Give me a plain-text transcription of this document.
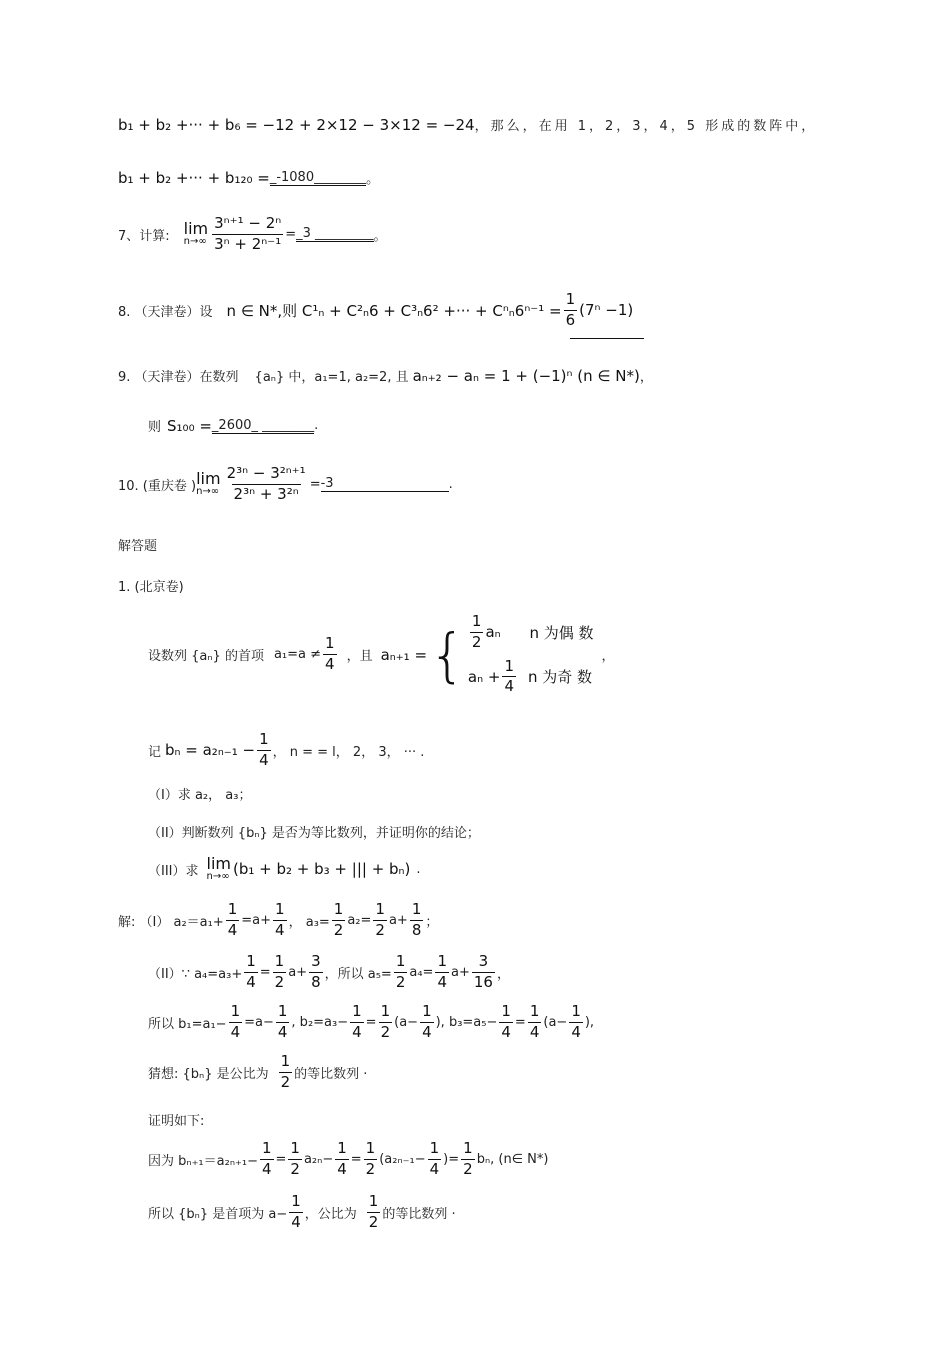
b₁ + b₂ +··· + b₆ = −12 + 2×12 − 3×12 = −24 ，那么，在用 1，2，3，4，5 形成的数阵中，
b₁ + b₂ +··· + b₁₂₀ = _-1080________ 。
7、计算: lim
$n\to\infty \frac{\text{3ⁿ⁺¹ − 2ⁿ}}{\text{3ⁿ + 2ⁿ⁻¹}}$ = _3 _________ 。
8. （天津卷）设 n ∈ N*,则 C¹ₙ + C²ₙ6 + C³ₙ6² +··· + $C^n_n6^{n-1} = \frac{1}{6} (7^n -1)$
9. （天津卷）在数列 {aₙ} 中，a₁=1, a₂=2, 且 aₙ₊₂ − aₙ = 1 + (−1)ⁿ (n ∈ N*) ，
则 S₁₀₀ = _2600_ ________ .
10. (重庆卷 ) lim
$n\to\infty \frac{\text{2³ⁿ − 3²ⁿ⁺¹}}{\text{2³ⁿ + 3²ⁿ}} = -3$	.
解答题
1. (北京卷)
设数列 {aₙ} 的首项 $a_1=a \ne \frac{1}{4}$ ，且 aₙ₊₁ = { $\frac{1}{2}$ aₙ	n 为偶 数
$a_n + \frac{1}{4}$ n 为奇 数
，
记 $b_n = a_{2n-1} - \frac{1}{4}$ ， n = = l， 2， 3， ··· .
（I）求 a₂， a₃；
（II）判断数列 {bₙ} 是否为等比数列，并证明你的结论；
（III）求 lim
n→∞ (b₁ + b₂ + b₃ + ||| + bₙ) .
解: （I） $a_2=a_1+ \frac{1}{4} =a+ \frac{1}{4}$ ， $a_3= \frac{1}{2} a_2= \frac{1}{2} a+ \frac{1}{8}$ ；
（II）∵ $a_4=a_3+ \frac{1}{4} = \frac{1}{2} a+ \frac{3}{8}$ ，所以 $a_5= \frac{1}{2} a_4= \frac{1}{4} a+ \frac{3}{16}$ ，
所以 $b_1=a_1- \frac{1}{4} =a- \frac{1}{4}$ , $b_2=a_3- \frac{1}{4} = \frac{1}{2} (a- \frac{1}{4}$ ), $b_3=a_5- \frac{1}{4} = \frac{1}{4} (a- \frac{1}{4}$ ),
猜想: {bₙ} 是公比为 $\frac{1}{2}$ 的等比数列 ·
证明如下:
因为 $b_{n+1}=a_{2n+1}- \frac{1}{4} = \frac{1}{2} a_{2n}- \frac{1}{4} = \frac{1}{2} (a_{2n-1}- \frac{1}{4}$ )= $\frac{1}{2} b_n$, (n∈ N*)
所以 {bₙ} 是首项为 $a- \frac{1}{4}$ ，公比为 $\frac{1}{2}$ 的等比数列 ·
